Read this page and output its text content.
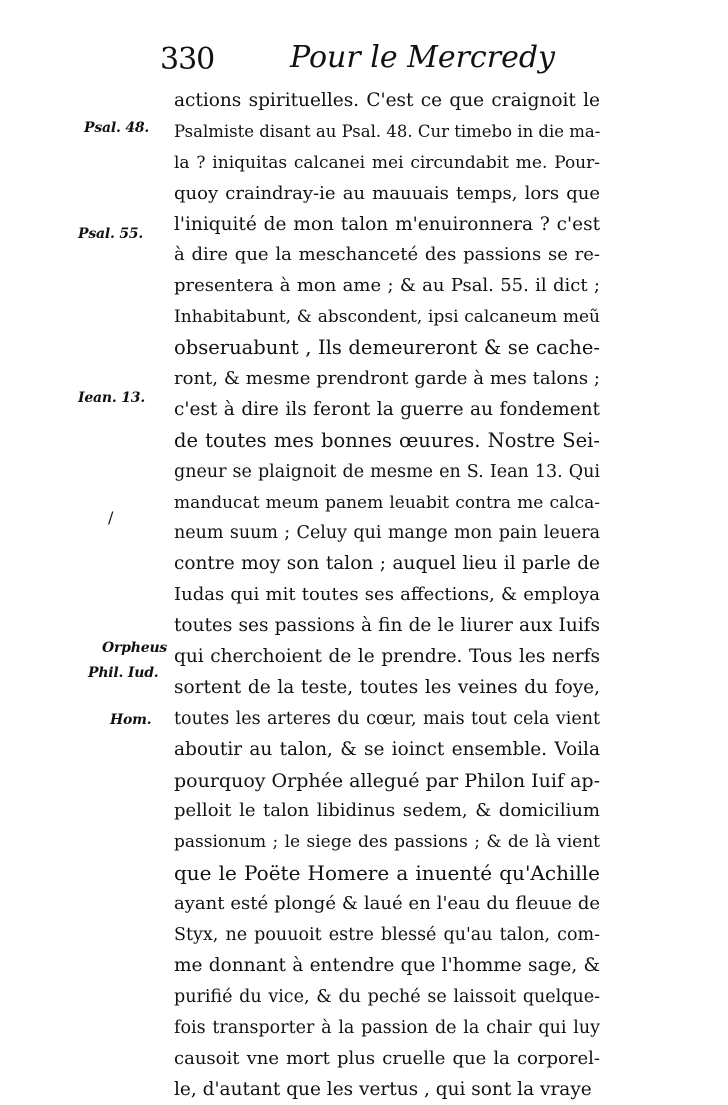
330	Pour le Mercredy
Psal. 48.
Psal. 55.
Iean. 13.
/
Orpheus
Phil. Iud.
Hom.
actions spirituelles. C'est ce que craignoit le
Psalmiste disant au Psal. 48. Cur timebo in die ma-
la ? iniquitas calcanei mei circundabit me. Pour-
quoy craindray-ie au mauuais temps, lors que
l'iniquité de mon talon m'enuironnera ? c'est
à dire que la meschanceté des passions se re-
presentera à mon ame ; & au Psal. 55. il dict ;
Inhabitabunt, & abscondent, ipsi calcaneum meũ
obseruabunt , Ils demeureront & se cache-
ront, & mesme prendront garde à mes talons ;
c'est à dire ils feront la guerre au fondement
de toutes mes bonnes œuures. Nostre Sei-
gneur se plaignoit de mesme en S. Iean 13. Qui
manducat meum panem leuabit contra me calca-
neum suum ; Celuy qui mange mon pain leuera
contre moy son talon ; auquel lieu il parle de
Iudas qui mit toutes ses affections, & employa
toutes ses passions à fin de le liurer aux Iuifs
qui cherchoient de le prendre. Tous les nerfs
sortent de la teste, toutes les veines du foye,
toutes les arteres du cœur, mais tout cela vient
aboutir au talon, & se ioinct ensemble. Voila
pourquoy Orphée allegué par Philon Iuif ap-
pelloit le talon libidinus sedem, & domicilium
passionum ; le siege des passions ; & de là vient
que le Poëte Homere a inuenté qu'Achille
ayant esté plongé & laué en l'eau du fleuue de
Styx, ne pouuoit estre blessé qu'au talon, com-
me donnant à entendre que l'homme sage, &
purifié du vice, & du peché se laissoit quelque-
fois transporter à la passion de la chair qui luy
causoit vne mort plus cruelle que la corporel-
le, d'autant que les vertus , qui sont la vraye
